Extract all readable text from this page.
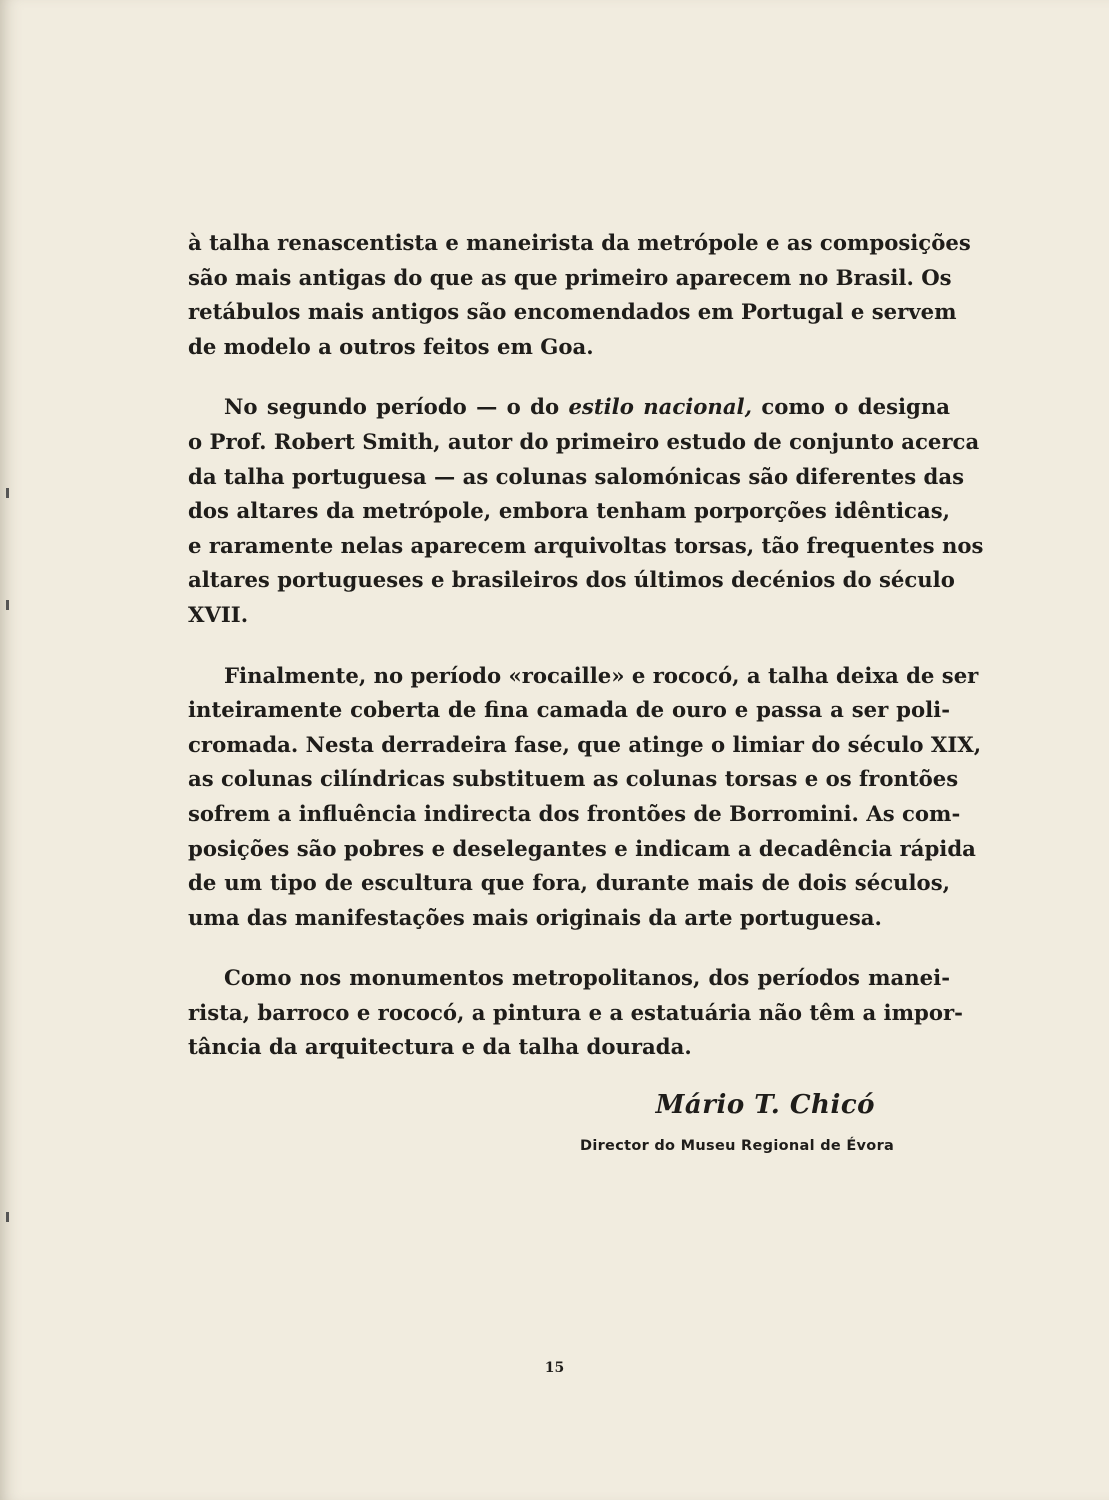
à talha renascentista e maneirista da metrópole e as composições
são mais antigas do que as que primeiro aparecem no Brasil. Os
retábulos mais antigos são encomendados em Portugal e servem
de modelo a outros feitos em Goa.

No segundo período — o do estilo nacional, como o designa
o Prof. Robert Smith, autor do primeiro estudo de conjunto acerca
da talha portuguesa — as colunas salomónicas são diferentes das
dos altares da metrópole, embora tenham porporções idênticas,
e raramente nelas aparecem arquivoltas torsas, tão frequentes nos
altares portugueses e brasileiros dos últimos decénios do século
XVII.

Finalmente, no período «rocaille» e rococó, a talha deixa de ser
inteiramente coberta de fina camada de ouro e passa a ser poli-
cromada. Nesta derradeira fase, que atinge o limiar do século XIX,
as colunas cilíndricas substituem as colunas torsas e os frontões
sofrem a influência indirecta dos frontões de Borromini. As com-
posições são pobres e deselegantes e indicam a decadência rápida
de um tipo de escultura que fora, durante mais de dois séculos,
uma das manifestações mais originais da arte portuguesa.

Como nos monumentos metropolitanos, dos períodos manei-
rista, barroco e rococó, a pintura e a estatuária não têm a impor-
tância da arquitectura e da talha dourada.

Mário T. Chicó
Director do Museu Regional de Évora
15
